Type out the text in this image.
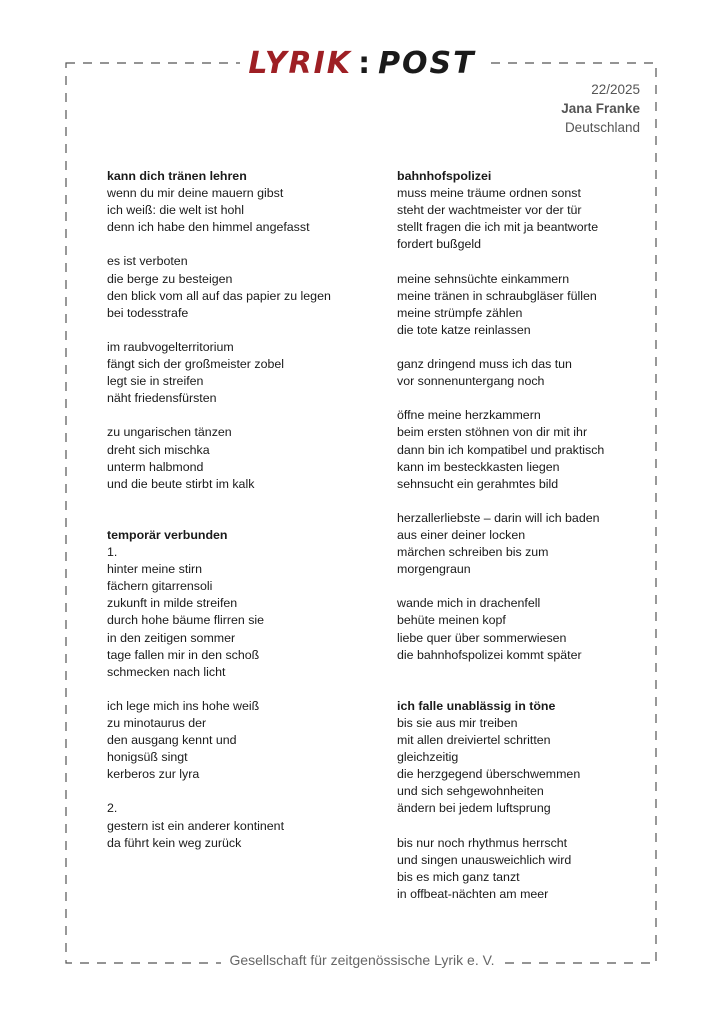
LYRIK : POST
22/2025
Jana Franke
Deutschland
kann dich tränen lehren
wenn du mir deine mauern gibst
ich weiß: die welt ist hohl
denn ich habe den himmel angefasst
es ist verboten
die berge zu besteigen
den blick vom all auf das papier zu legen
bei todesstrafe
im raubvogelterritorium
fängt sich der großmeister zobel
legt sie in streifen
näht friedensfürsten
zu ungarischen tänzen
dreht sich mischka
unterm halbmond
und die beute stirbt im kalk
temporär verbunden
1.
hinter meine stirn
fächern gitarrensoli
zukunft in milde streifen
durch hohe bäume flirren sie
in den zeitigen sommer
tage fallen mir in den schoß
schmecken nach licht
ich lege mich ins hohe weiß
zu minotaurus der
den ausgang kennt und
honigsüß singt
kerberos zur lyra
2.
gestern ist ein anderer kontinent
da führt kein weg zurück
bahnhofspolizei
muss meine träume ordnen sonst
steht der wachtmeister vor der tür
stellt fragen die ich mit ja beantworte
fordert bußgeld
meine sehnsüchte einkammern
meine tränen in schraubgläser füllen
meine strümpfe zählen
die tote katze reinlassen
ganz dringend muss ich das tun
vor sonnenuntergang noch
öffne meine herzkammern
beim ersten stöhnen von dir mit ihr
dann bin ich kompatibel und praktisch
kann im besteckkasten liegen
sehnsucht ein gerahmtes bild
herzallerliebste – darin will ich baden
aus einer deiner locken
märchen schreiben bis zum
morgengraun
wande mich in drachenfell
behüte meinen kopf
liebe quer über sommerwiesen
die bahnhofspolizei kommt später
ich falle unablässig in töne
bis sie aus mir treiben
mit allen dreiviertel schritten
gleichzeitig
die herzgegend überschwemmen
und sich sehgewohnheiten
ändern bei jedem luftsprung
bis nur noch rhythmus herrscht
und singen unausweichlich wird
bis es mich ganz tanzt
in offbeat-nächten am meer
Gesellschaft für zeitgenössische Lyrik e. V.
